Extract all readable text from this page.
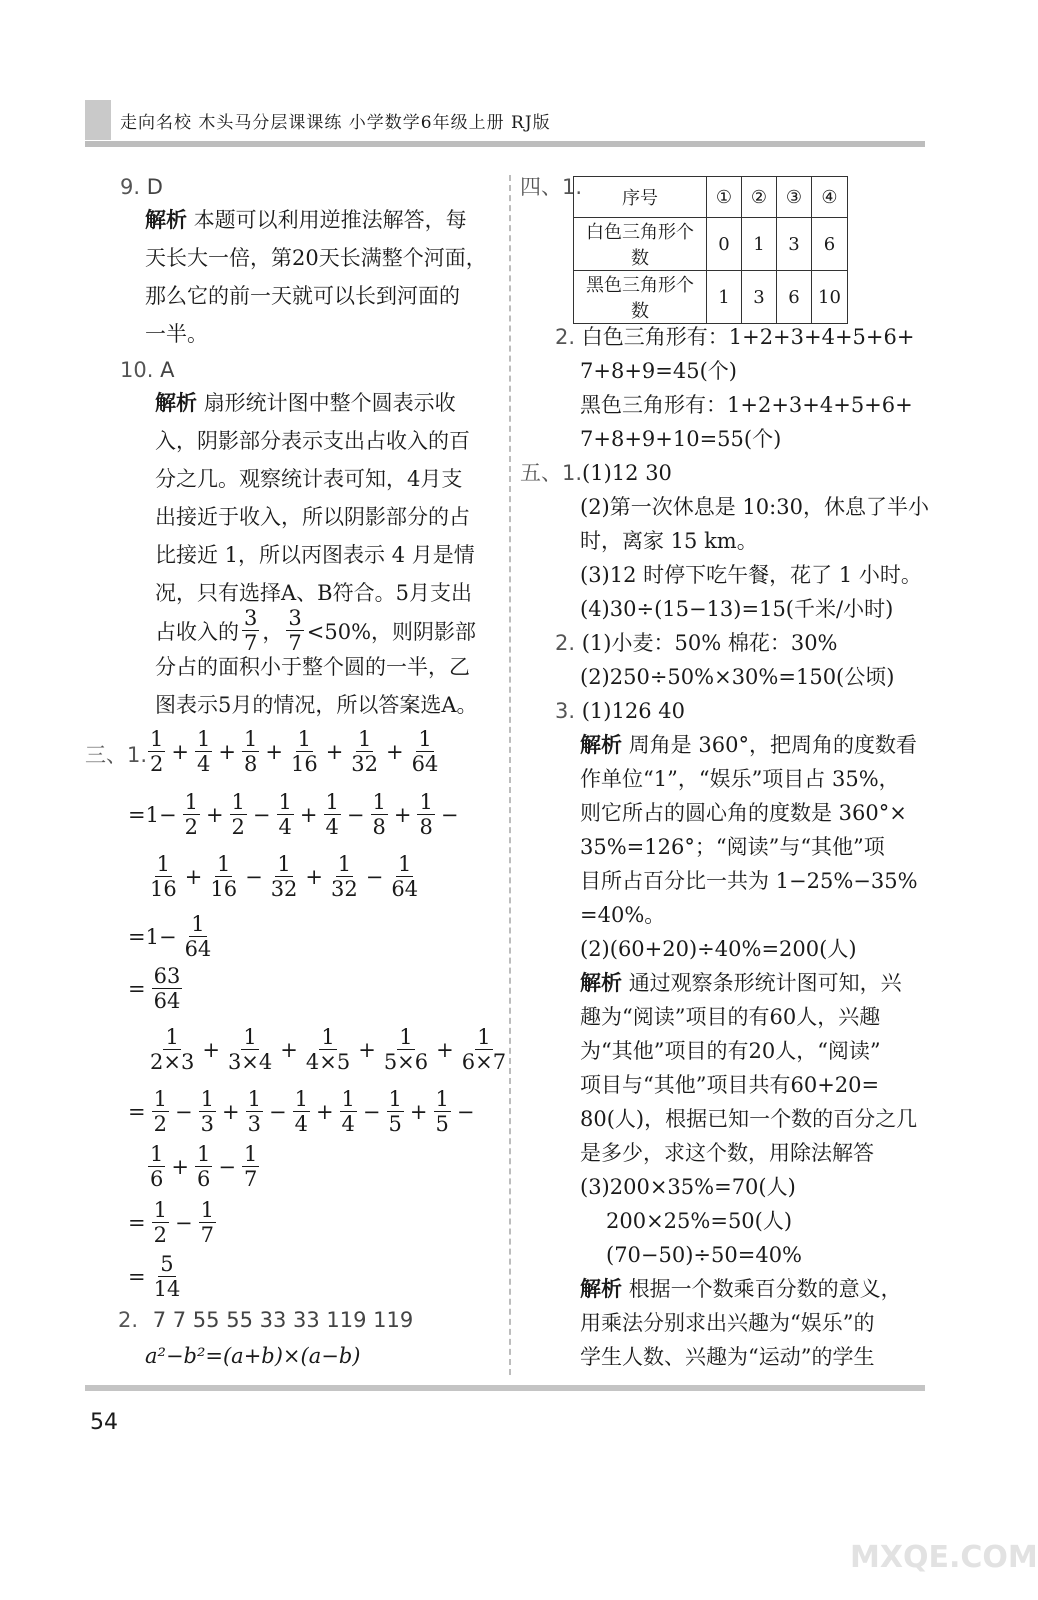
走向名校 木头马分层课课练 小学数学6年级上册 RJ版
9. D
解析 本题可以利用逆推法解答，每
天长大一倍，第20天长满整个河面，
那么它的前一天就可以长到河面的
一半。
10. A
解析 扇形统计图中整个圆表示收
入，阴影部分表示支出占收入的百
分之几。观察统计表可知，4月支
出接近于收入，所以阴影部分的占
比接近 1，所以丙图表示 4 月是情
况，只有选择A、B符合。5月支出
占收入的 $\frac{3}{7}$ ， $\frac{3}{7} <50\%$，则阴影部
分占的面积小于整个圆的一半，乙
图表示5月的情况，所以答案选A。
三、1. $\frac{1}{2} + \frac{1}{4} + \frac{1}{8} + \frac{1}{16} + \frac{1}{32} + \frac{1}{64}$
$=1- \frac{1}{2} + \frac{1}{2} - \frac{1}{4} + \frac{1}{4} - \frac{1}{8} + \frac{1}{8}$ −
$\frac{1}{16} + \frac{1}{16} - \frac{1}{32} + \frac{1}{32} - \frac{1}{64}$
$=1- \frac{1}{64}$
= $\frac{63}{64}$
$\frac{1}{2\times 3} + \frac{1}{3\times 4} + \frac{1}{4\times 5} + \frac{1}{5\times 6} + \frac{1}{6\times 7}$
= $\frac{1}{2} - \frac{1}{3} + \frac{1}{3} - \frac{1}{4} + \frac{1}{4} - \frac{1}{5} + \frac{1}{5}$ −
$\frac{1}{6} + \frac{1}{6} - \frac{1}{7}$
= $\frac{1}{2} - \frac{1}{7}$
= $\frac{5}{14}$
2. 7 7 55 55 33 33 119 119
a²−b²=(a+b)×(a−b)
四、1. 序号	①	②	③	④
白色三角形个数	0	1	3	6
黑色三角形个数	1	3	6	10
2. 白色三角形有：1+2+3+4+5+6+
7+8+9=45(个)
黑色三角形有：1+2+3+4+5+6+
7+8+9+10=55(个)
五、1.(1)12 30
(2)第一次休息是 10:30，休息了半小
时，离家 15 km。
(3)12 时停下吃午餐，花了 1 小时。
(4)30÷(15−13)=15(千米/小时)
2. (1)小麦：50% 棉花：30%
(2)250÷50%×30%=150(公顷)
3. (1)126 40
解析 周角是 360°，把周角的度数看
作单位“1”，“娱乐”项目占 35%，
则它所占的圆心角的度数是 360°×
35%=126°；“阅读”与“其他”项
目所占百分比一共为 1−25%−35%
=40%。
(2)(60+20)÷40%=200(人)
解析 通过观察条形统计图可知，兴
趣为“阅读”项目的有60人，兴趣
为“其他”项目的有20人，“阅读”
项目与“其他”项目共有60+20=
80(人)，根据已知一个数的百分之几
是多少，求这个数，用除法解答
(3)200×35%=70(人)
200×25%=50(人)
(70−50)÷50=40%
解析 根据一个数乘百分数的意义，
用乘法分别求出兴趣为“娱乐”的
学生人数、兴趣为“运动”的学生
54
MXQE.COM
